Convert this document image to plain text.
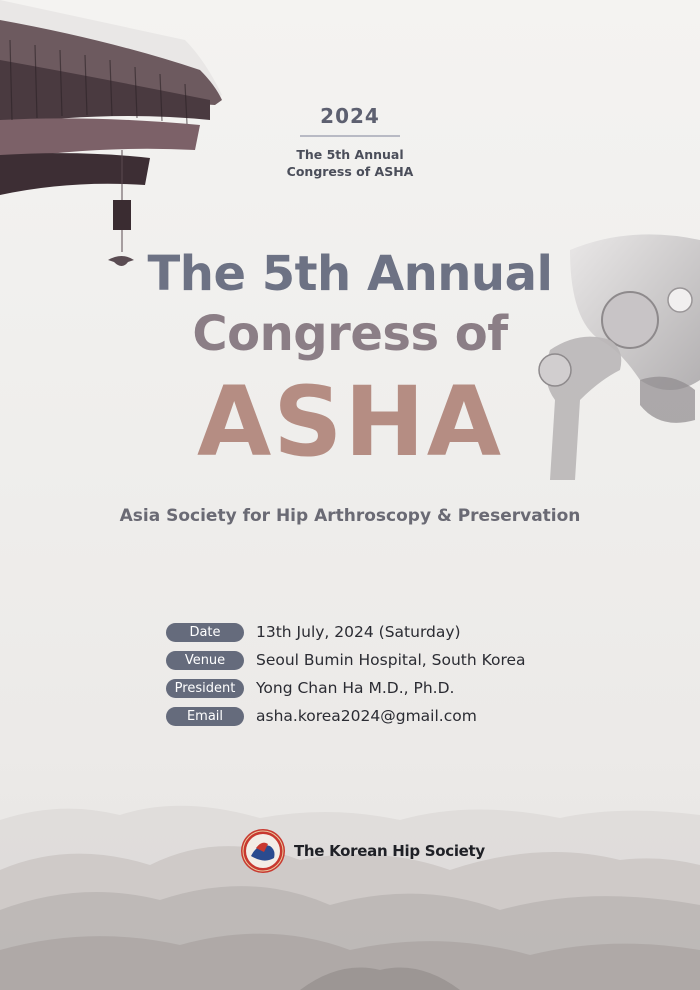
2024
The 5th Annual
Congress of ASHA
The 5th Annual
Congress of
ASHA
Asia Society for Hip Arthroscopy & Preservation
Date	13th July, 2024 (Saturday)
Venue	Seoul Bumin Hospital, South Korea
President	Yong Chan Ha M.D., Ph.D.
Email	asha.korea2024@gmail.com
The Korean Hip Society
